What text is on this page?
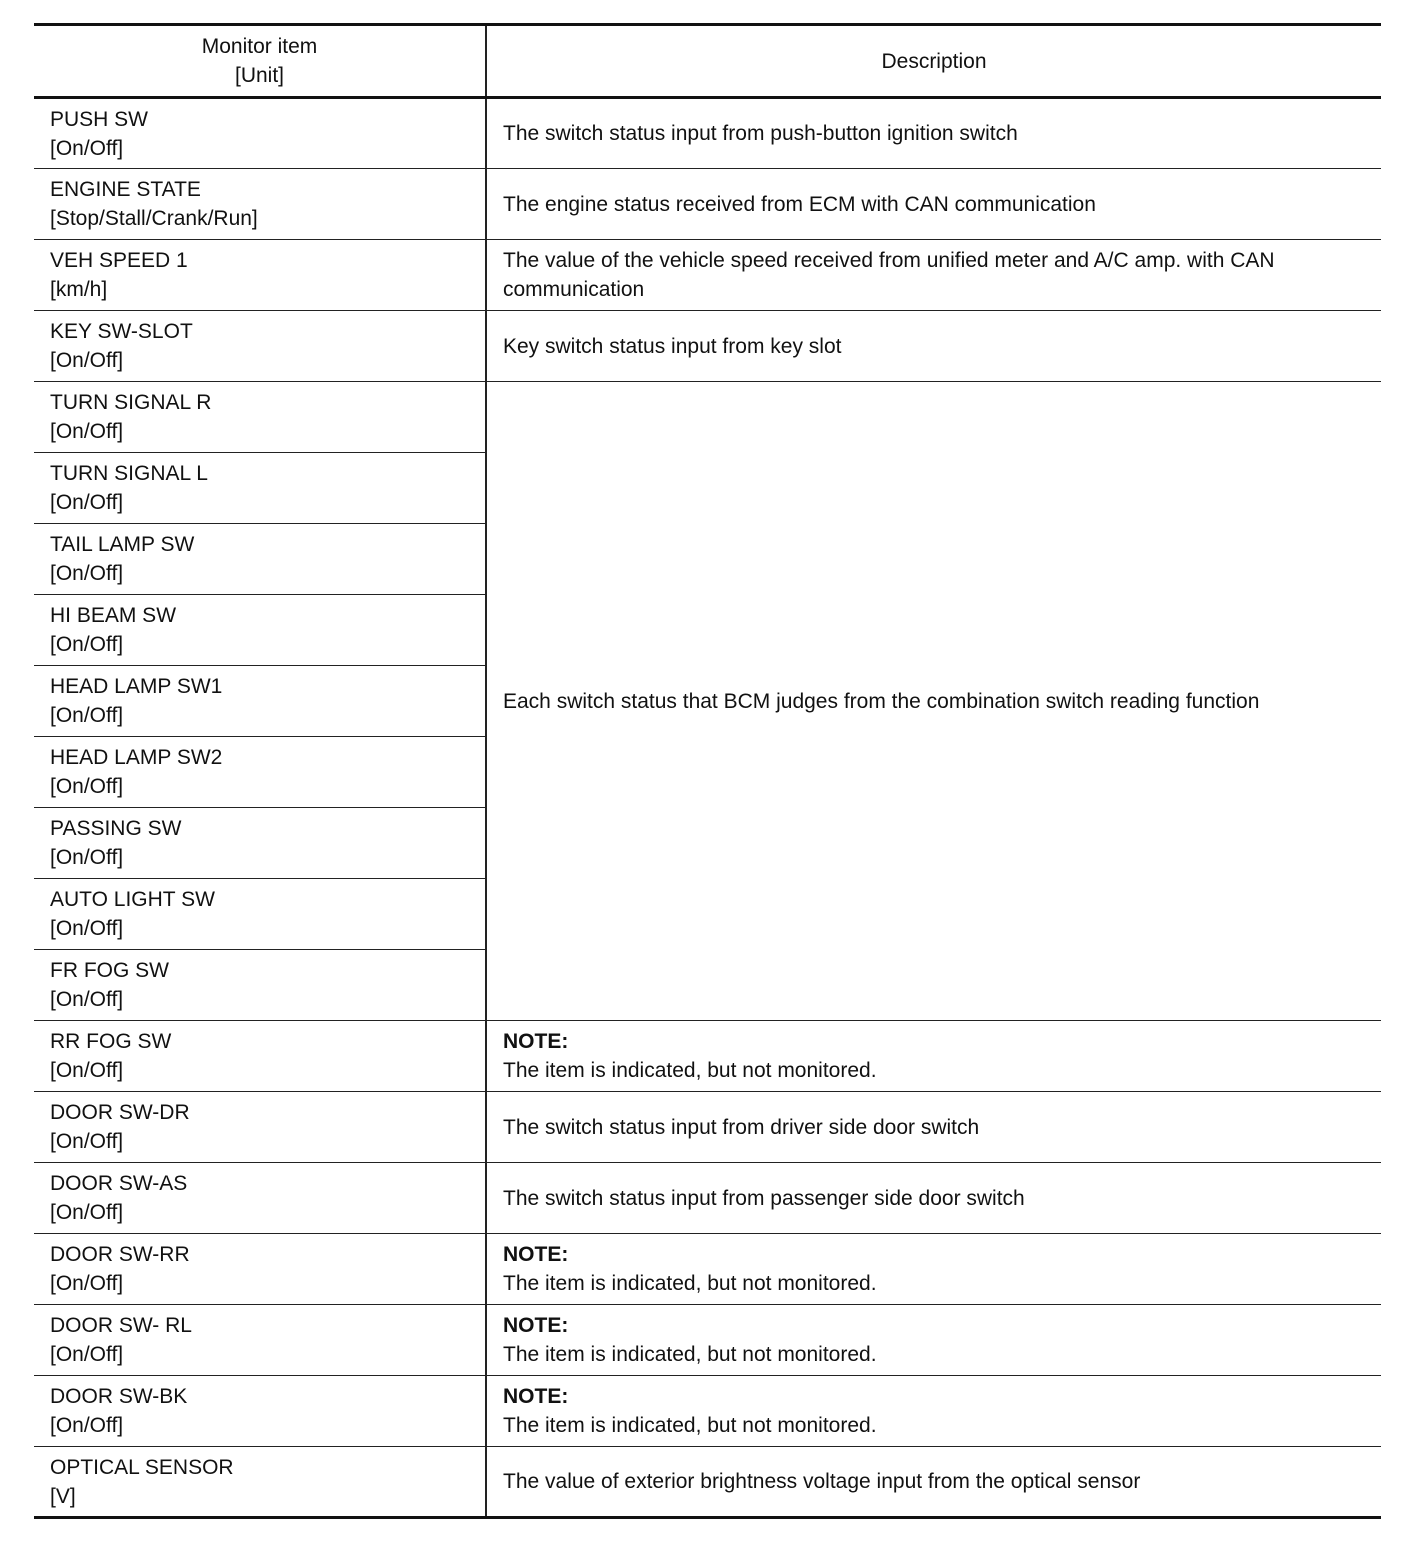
Monitor item
[Unit]	Description

PUSH SW
[On/Off]	The switch status input from push-button ignition switch

ENGINE STATE
[Stop/Stall/Crank/Run]	The engine status received from ECM with CAN communication

VEH SPEED 1
[km/h]	The value of the vehicle speed received from unified meter and A/C amp. with CAN communication

KEY SW-SLOT
[On/Off]	Key switch status input from key slot

TURN SIGNAL R
[On/Off]	Each switch status that BCM judges from the combination switch reading function

TURN SIGNAL L
[On/Off]	

TAIL LAMP SW
[On/Off]	

HI BEAM SW
[On/Off]	

HEAD LAMP SW1
[On/Off]	

HEAD LAMP SW2
[On/Off]	

PASSING SW
[On/Off]	

AUTO LIGHT SW
[On/Off]	

FR FOG SW
[On/Off]	

RR FOG SW
[On/Off]	NOTE:
The item is indicated, but not monitored.

DOOR SW-DR
[On/Off]	The switch status input from driver side door switch

DOOR SW-AS
[On/Off]	The switch status input from passenger side door switch

DOOR SW-RR
[On/Off]	NOTE:
The item is indicated, but not monitored.

DOOR SW- RL
[On/Off]	NOTE:
The item is indicated, but not monitored.

DOOR SW-BK
[On/Off]	NOTE:
The item is indicated, but not monitored.

OPTICAL SENSOR
[V]	The value of exterior brightness voltage input from the optical sensor
